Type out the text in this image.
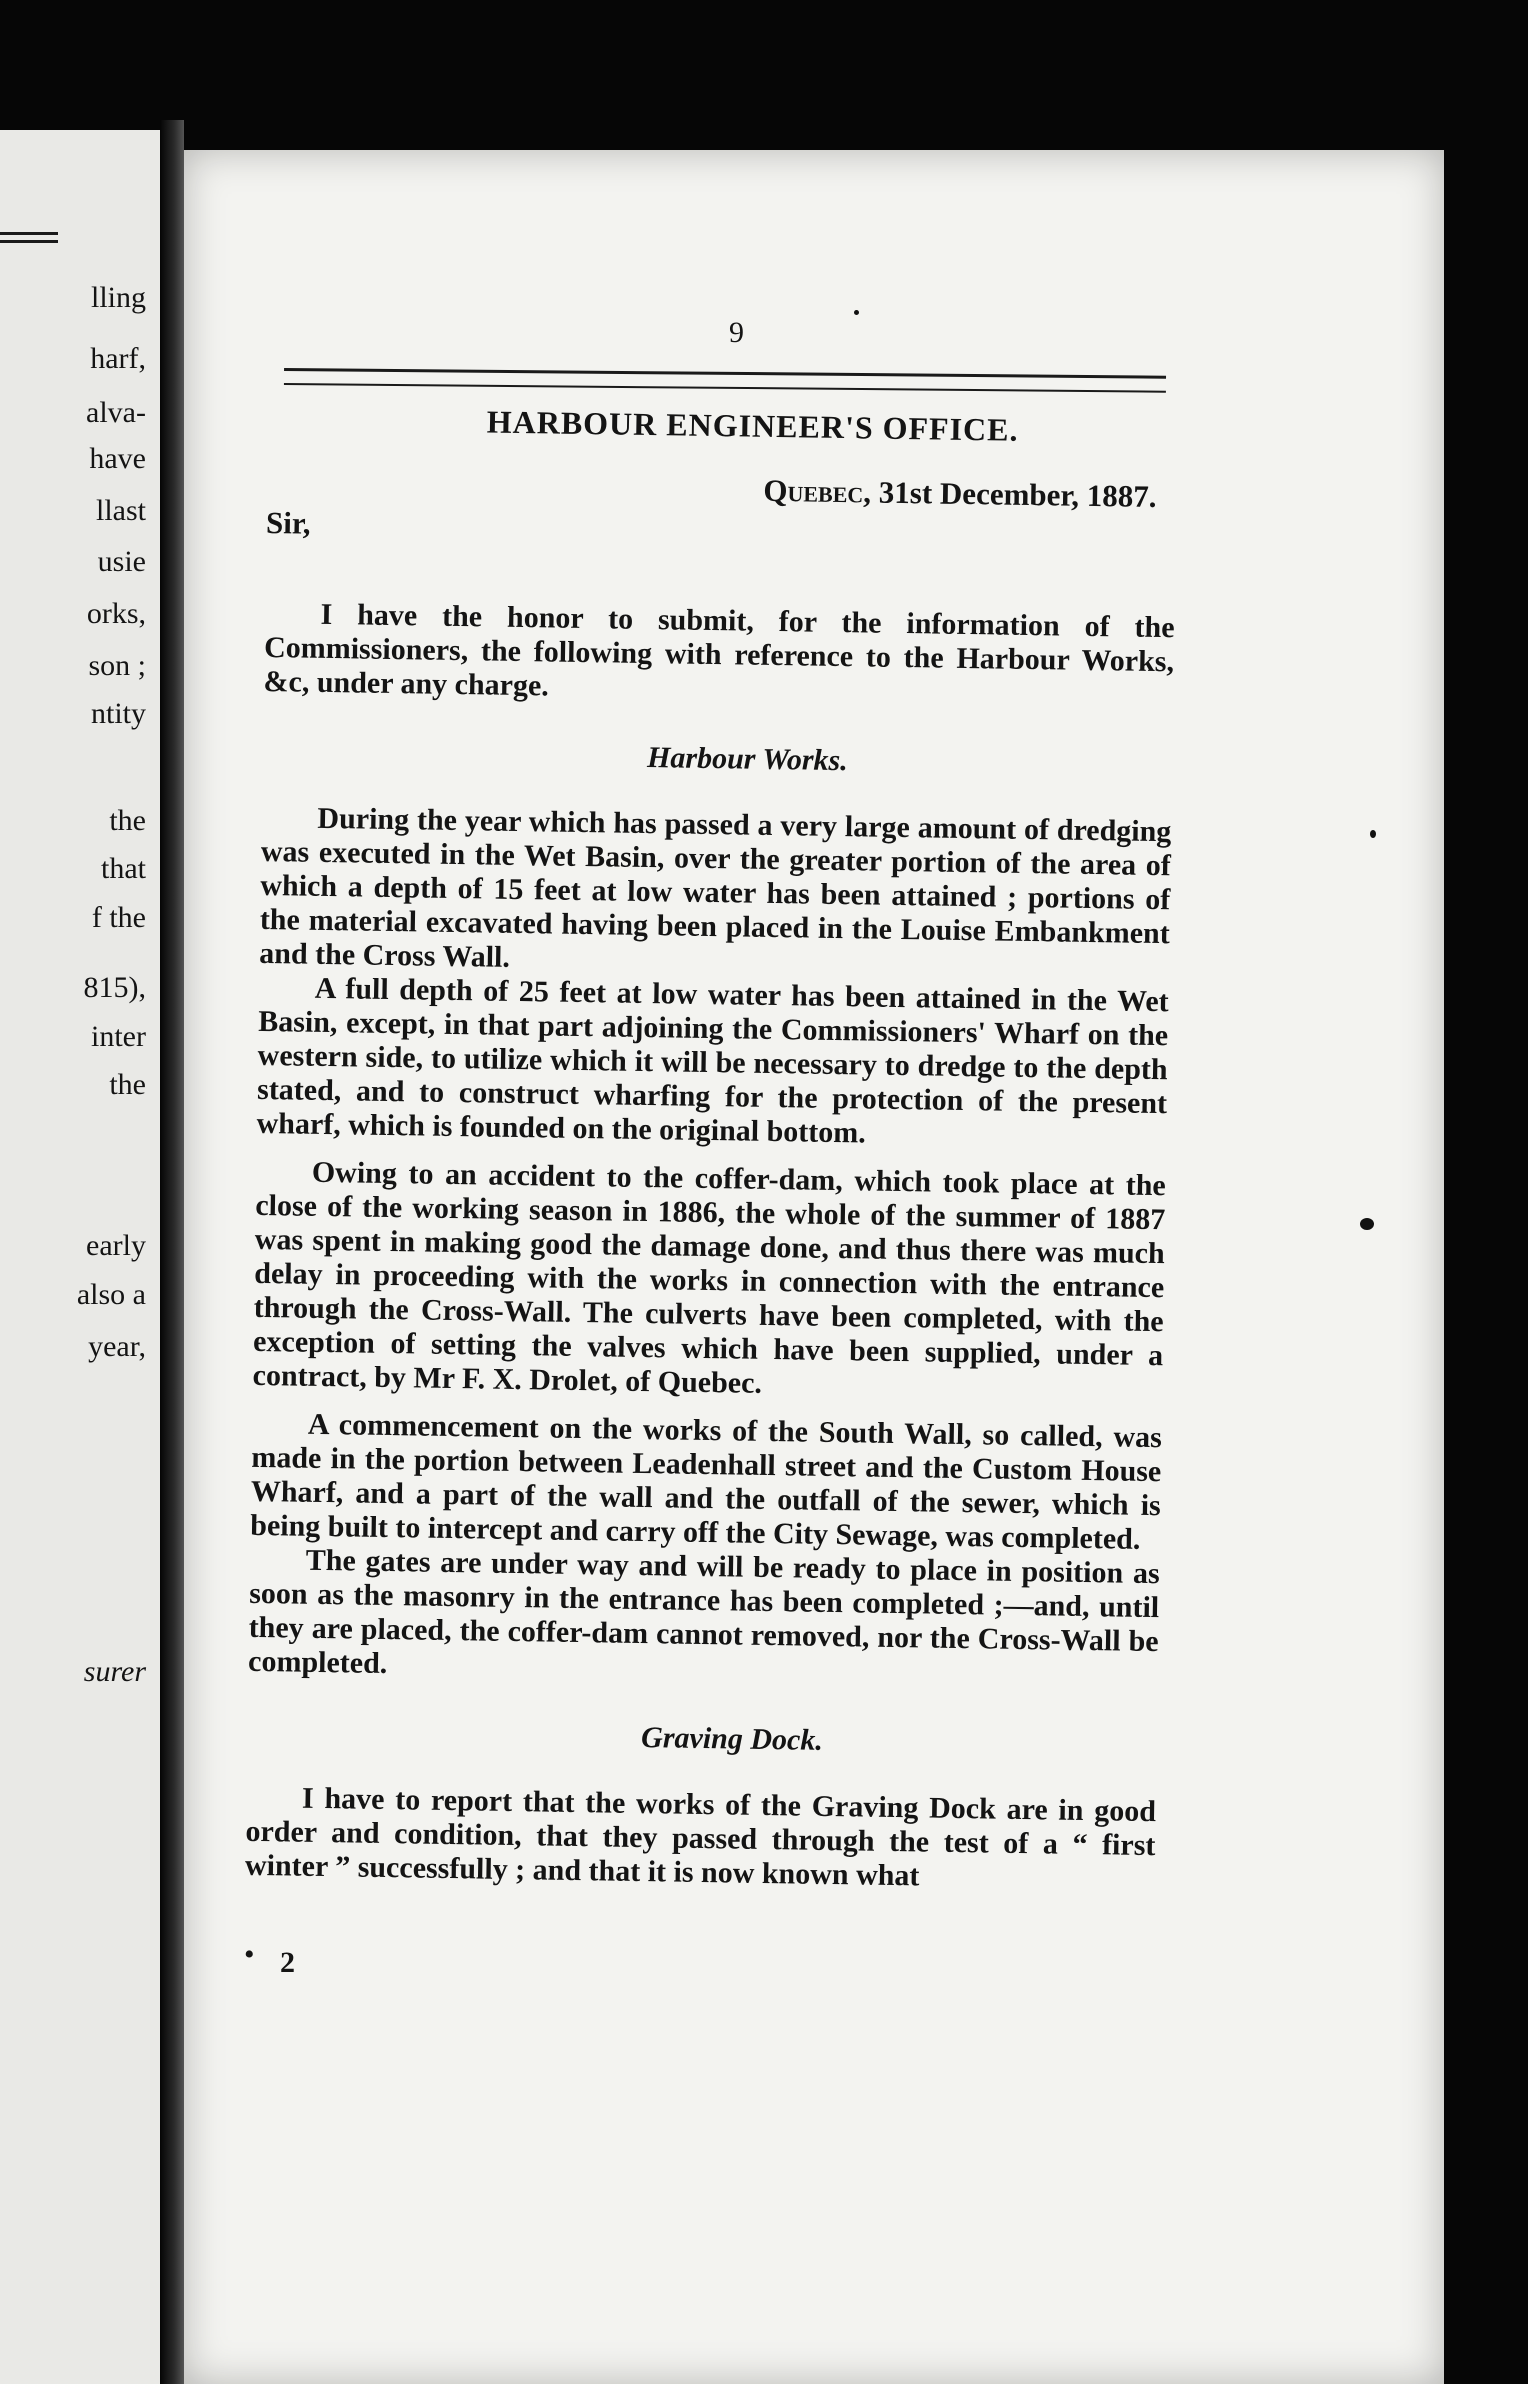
lling
harf,
alva-
have
llast
usie
orks,
son ;
ntity
the
that
f the
815),
inter
the
early
also a
year,
surer
9
HARBOUR ENGINEER'S OFFICE.
Quebec, 31st December, 1887.
Sir,

I have the honor to submit, for the information of the Commissioners, the following with reference to the Harbour Works, &c, under any charge.

Harbour Works.

During the year which has passed a very large amount of dredging was executed in the Wet Basin, over the greater portion of the area of which a depth of 15 feet at low water has been attained ; portions of the material excavated having been placed in the Louise Embankment and the Cross Wall.

A full depth of 25 feet at low water has been attained in the Wet Basin, except, in that part adjoining the Commissioners' Wharf on the western side, to utilize which it will be necessary to dredge to the depth stated, and to construct wharfing for the protection of the present wharf, which is founded on the original bottom.

Owing to an accident to the coffer-dam, which took place at the close of the working season in 1886, the whole of the summer of 1887 was spent in making good the damage done, and thus there was much delay in proceeding with the works in connection with the entrance through the Cross-Wall. The culverts have been completed, with the exception of setting the valves which have been supplied, under a contract, by Mr F. X. Drolet, of Quebec.

A commencement on the works of the South Wall, so called, was made in the portion between Leadenhall street and the Custom House Wharf, and a part of the wall and the outfall of the sewer, which is being built to intercept and carry off the City Sewage, was completed.

The gates are under way and will be ready to place in position as soon as the masonry in the entrance has been completed ;—and, until they are placed, the coffer-dam cannot removed, nor the Cross-Wall be completed.

Graving Dock.

I have to report that the works of the Graving Dock are in good order and condition, that they passed through the test of a “ first winter ” successfully ; and that it is now known what

• 2
